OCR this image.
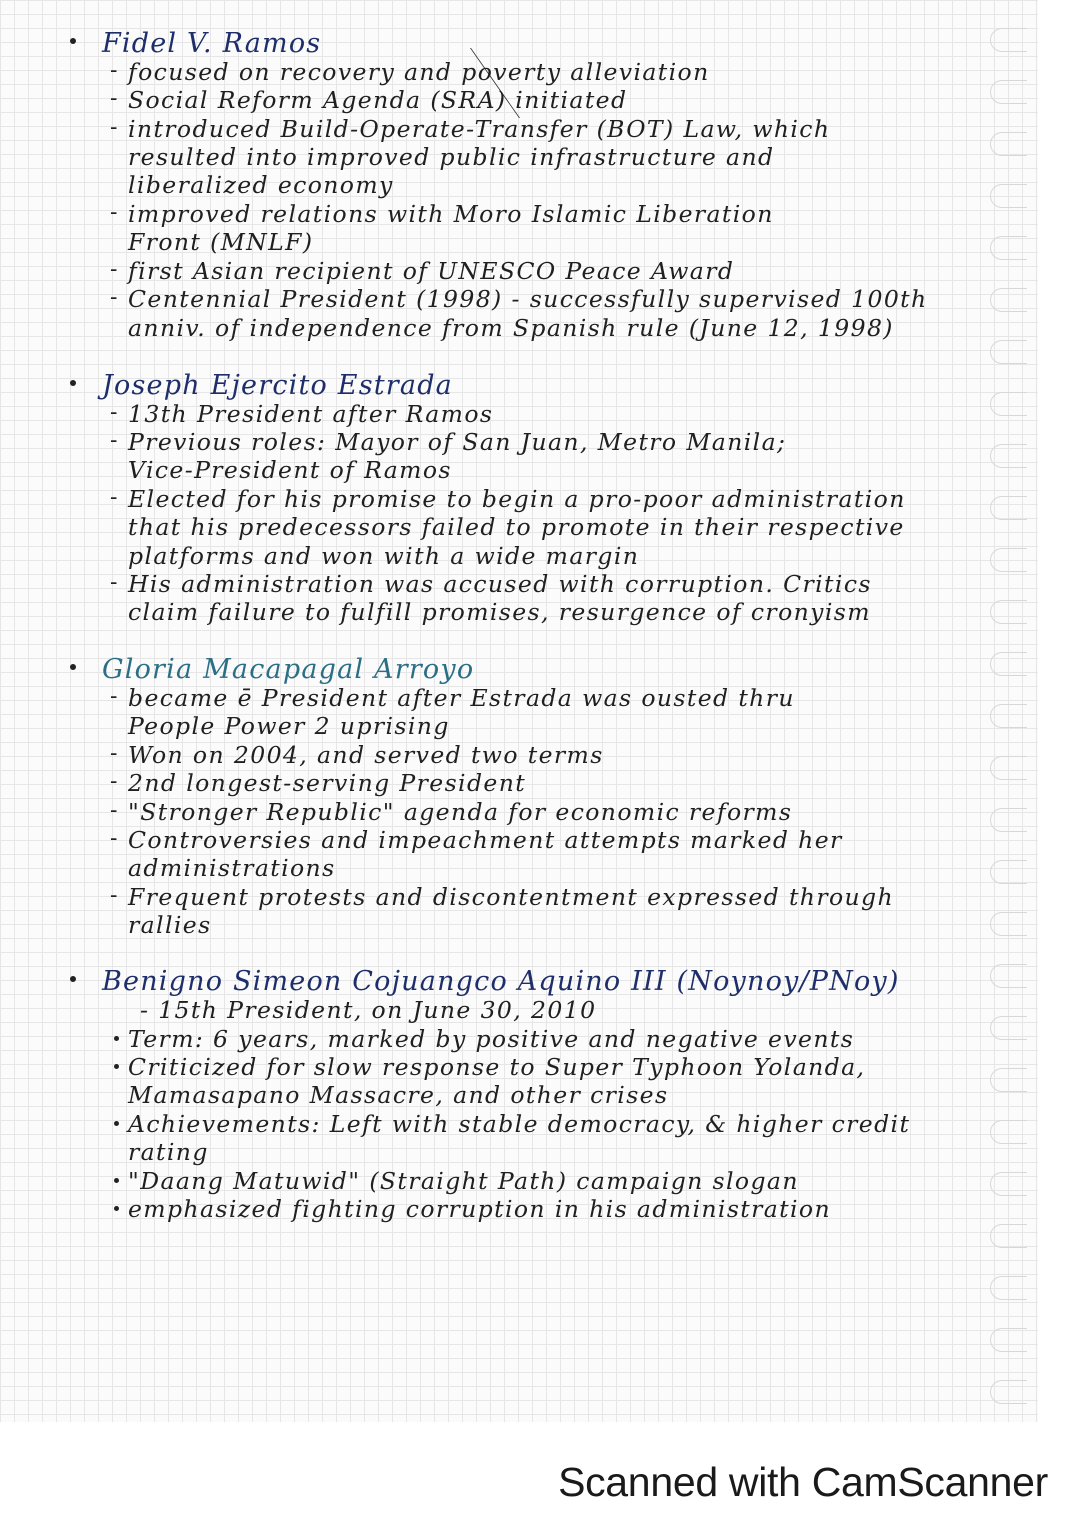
Fidel V. Ramos
- focused on recovery and poverty alleviation
- Social Reform Agenda (SRA) initiated
- introduced Build-Operate-Transfer (BOT) Law, which
resulted into improved public infrastructure and
liberalized economy
- improved relations with Moro Islamic Liberation
Front (MNLF)
- first Asian recipient of UNESCO Peace Award
- Centennial President (1998) - successfully supervised 100th
anniv. of independence from Spanish rule (June 12, 1998)
Joseph Ejercito Estrada
- 13th President after Ramos
- Previous roles: Mayor of San Juan, Metro Manila;
Vice-President of Ramos
- Elected for his promise to begin a pro-poor administration
that his predecessors failed to promote in their respective
platforms and won with a wide margin
- His administration was accused with corruption. Critics
claim failure to fulfill promises, resurgence of cronyism
Gloria Macapagal Arroyo
- became ē President after Estrada was ousted thru
People Power 2 uprising
- Won on 2004, and served two terms
- 2nd longest-serving President
- "Stronger Republic" agenda for economic reforms
- Controversies and impeachment attempts marked her
administrations
- Frequent protests and discontentment expressed through
rallies
Benigno Simeon Cojuangco Aquino III (Noynoy/PNoy)
- 15th President, on June 30, 2010
Term: 6 years, marked by positive and negative events
Criticized for slow response to Super Typhoon Yolanda,
Mamasapano Massacre, and other crises
Achievements: Left with stable democracy, & higher credit
rating
"Daang Matuwid" (Straight Path) campaign slogan
emphasized fighting corruption in his administration
Scanned with CamScanner
